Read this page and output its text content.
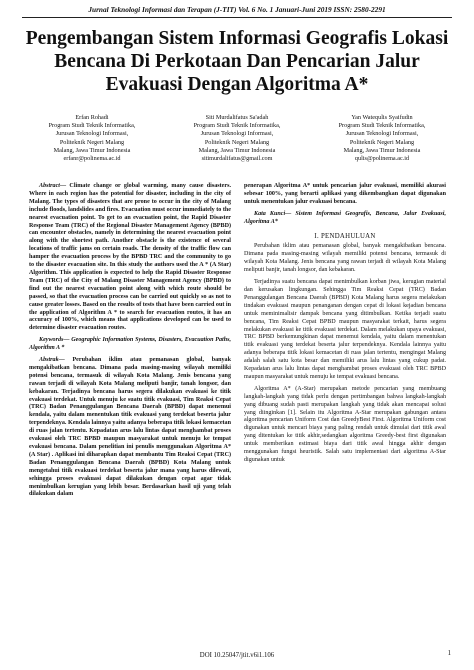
Jurnal Teknologi Informasi dan Terapan (J-TIT) Vol. 6 No. 1 Januari-Juni 2019 ISSN: 2580-2291
Pengembangan Sistem Informasi Geografis Lokasi Bencana Di Perkotaan Dan Pencarian Jalur Evakuasi Dengan Algoritma A*
Erfan Rohadi
Program Studi Teknik Informatika,
Jurusan Teknologi Informasi,
Politeknik Negeri Malang
Malang, Jawa Timur Indonesia
erfanr@polinema.ac.id
Siti Murdalifatus Sa'adah
Program Studi Teknik Informatika,
Jurusan Teknologi Informasi,
Politeknik Negeri Malang
Malang, Jawa Timur Indonesia
sitimurdalifatus@gmail.com
Yan Watequlis Syaifudin
Program Studi Teknik Informatika,
Jurusan Teknologi Informasi,
Politeknik Negeri Malang
Malang, Jawa Timur Indonesia
qulis@polinema.ac.id

Abstract— Climate change or global warming, many cause disasters. Where in each region has the potential for disaster, including in the city of Malang. The types of disasters that are prone to occur in the city of Malang include floods, landslides and fires. Evacuation must occur immediately to the nearest evacuation point. To get to an evacuation point, the Rapid Disaster Response Team (TRC) of the Regional Disaster Management Agency (BPBD) can encounter obstacles, namely in determining the nearest evacuation point along with the shortest path. Another obstacle is the existence of several locations of traffic jams on certain roads. The density of the traffic flow can hamper the evacuation process by the BPBD TRC and the community to go to the disaster evacuation site. In this study the authors used the A * (A Star) Algorithm. This application is expected to help the Rapid Disaster Response Team (TRC) of the City of Malang Disaster Management Agency (BPBD) to find out the nearest evacuation point along with which route should be passed, so that the evacuation process can be carried out quickly so as not to cause greater losses. Based on the results of tests that have been carried out in the application of Algorithm A * to search for evacuation routes, it has an accuracy of 100%, which means that applications developed can be used to determine disaster evacuation routes.

Keywords— Geographic Information Systems, Disasters, Evacuation Paths, Algorithm A *

Abstrak— Perubahan iklim atau pemanasan global, banyak mengakibatkan bencana. Dimana pada masing-masing wilayah memiliki potensi bencana, termasuk di wilayah Kota Malang. Jenis bencana yang rawan terjadi di wilayah Kota Malang meliputi banjir, tanah longsor, dan kebakaran. Terjadinya bencana harus segera dilakukan evakuasi ke titik evakuasi terdekat. Untuk menuju ke suatu titik evakuasi, Tim Reaksi Cepat (TRC) Badan Penanggulangan Bencana Daerah (BPBD) dapat menemui kendala, yaitu dalam menentukan titik evakuasi yang terdekat beserta jalur terpendeknya. Kendala lainnya yaitu adanya beberapa titik lokasi kemacetan di ruas jalan tertentu. Kepadatan arus lalu lintas dapat menghambat proses evakuasi oleh TRC BPBD maupun masyarakat untuk menuju ke tempat evakuasi bencana. Dalam penelitian ini penulis menggunakan Algoritma A* (A Star) . Aplikasi ini diharapkan dapat membantu Tim Reaksi Cepat (TRC) Badan Penanggulangan Bencana Daerah (BPBD) Kota Malang untuk mengetahui titik evakuasi terdekat beserta jalur mana yang harus dilewati, sehingga proses evakuasi dapat dilakukan dengan cepat agar tidak menimbulkan kerugian yang lebih besar. Berdasarkan hasil uji yang telah dilakukan dalam

penerapan Algoritma A* untuk pencarian jalur evakuasi, memiliki akurasi sebesar 100%, yang berarti aplikasi yang dikembangkan dapat digunakan untuk menentukan jalur evakuasi bencana.

Kata Kunci— Sistem Informasi Geografis, Bencana, Jalur Evakuasi, Algoritma A*

I. PENDAHULUAN

Perubahan iklim atau pemanasan global, banyak mengakibatkan bencana. Dimana pada masing-masing wilayah memiliki potensi bencana, termasuk di wilayah Kota Malang. Jenis bencana yang rawan terjadi di wilayah Kota Malang meliputi banjir, tanah longsor, dan kebakaran.

Terjadinya suatu bencana dapat menimbulkan korban jiwa, kerugian material dan kerusakan lingkungan. Sehingga Tim Reaksi Cepat (TRC) Badan Penanggulangan Bencana Daerah (BPBD) Kota Malang harus segera melakukan tindakan evakuasi maupun penanganan dengan cepat di lokasi kejadian bencana untuk meminimalisir dampak bencana yang ditimbulkan. Ketika terjadi suatu bencana, Tim Reaksi Cepat BPBD maupun masyarakat terkait, harus segera melakukan evakuasi ke titik evakuasi terdekat. Dalam melakukan upaya evakuasi, TRC BPBD berkemungkinan dapat menemui kendala, yaitu dalam menentukan titik evakuasi yang terdekat beserta jalur terpendeknya. Kendala lainnya yaitu adanya beberapa titik lokasi kemacetan di ruas jalan tertentu, mengingat Malang adalah salah satu kota besar dan memiliki arus lalu lintas yang cukup padat. Kepadatan arus lalu lintas dapat menghambat proses evakuasi oleh TRC BPBD maupun masyarakat untuk menuju ke tempat evakuasi bencana.

Algoritma A* (A-Star) merupakan metode pencarian yang membuang langkah-langkah yang tidak perlu dengan pertimbangan bahwa langkah-langkah yang dibuang sudah pasti merupakan langkah yang tidak akan mencapai solusi yang diinginkan [1]. Selain itu Algoritma A-Star merupakan gabungan antara algoritma pencarian Uniform Cost dan GreedyBest First. Algoritma Uniform cost digunakan untuk mencari biaya yang paling rendah untuk dimulai dari titik awal yang ditentukan ke titik akhir,sedangkan algoritma Greedy-best first digunakan untuk memberikan estimasi biaya dari titik awal hingga akhir dengan menggunakan fungsi heuristik. Salah satu implementasi dari algoritma A-Star digunakan untuk

DOI 10.25047/jtit.v6i1.106	1
